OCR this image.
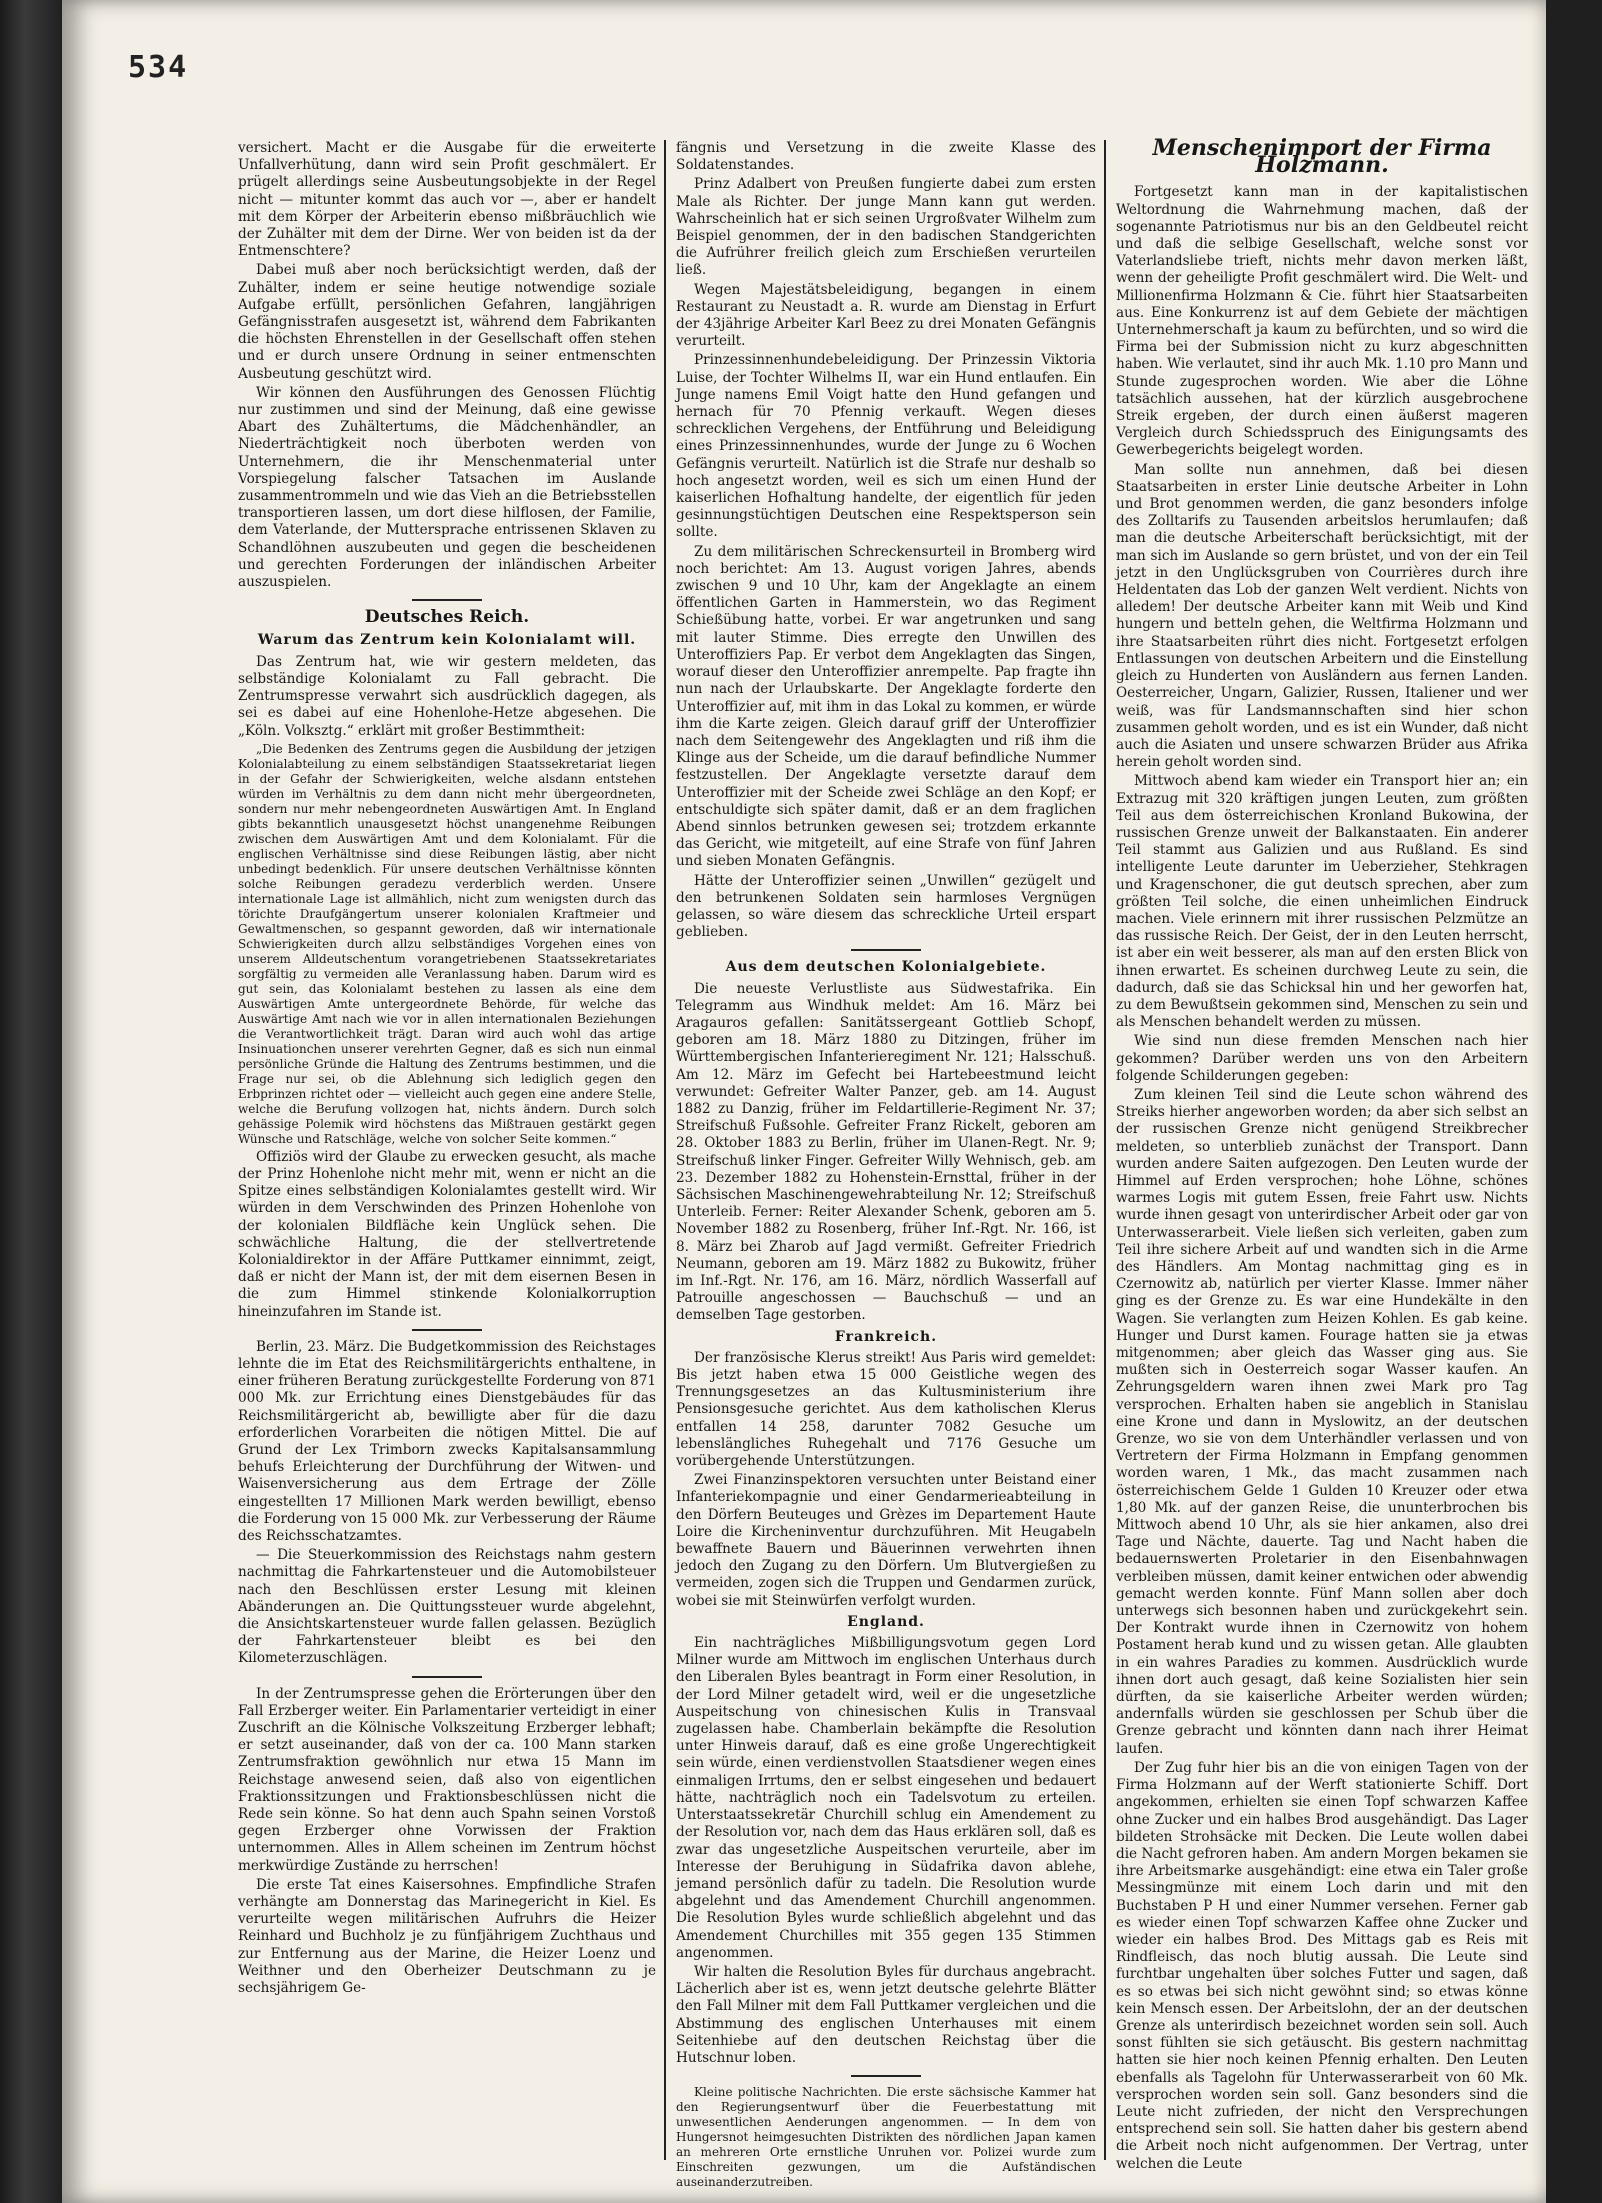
534

versichert. Macht er die Ausgabe für die erweiterte Unfallverhütung, dann wird sein Profit geschmälert. Er prügelt allerdings seine Ausbeutungsobjekte in der Regel nicht — mitunter kommt das auch vor —, aber er handelt mit dem Körper der Arbeiterin ebenso mißbräuchlich wie der Zuhälter mit dem der Dirne. Wer von beiden ist da der Entmenschtere?

Dabei muß aber noch berücksichtigt werden, daß der Zuhälter, indem er seine heutige notwendige soziale Aufgabe erfüllt, persönlichen Gefahren, langjährigen Gefängnisstrafen ausgesetzt ist, während dem Fabrikanten die höchsten Ehrenstellen in der Gesellschaft offen stehen und er durch unsere Ordnung in seiner entmenschten Ausbeutung geschützt wird.

Wir können den Ausführungen des Genossen Flüchtig nur zustimmen und sind der Meinung, daß eine gewisse Abart des Zuhältertums, die Mädchenhändler, an Niederträchtigkeit noch überboten werden von Unternehmern, die ihr Menschenmaterial unter Vorspiegelung falscher Tatsachen im Auslande zusammentrommeln und wie das Vieh an die Betriebsstellen transportieren lassen, um dort diese hilflosen, der Familie, dem Vaterlande, der Muttersprache entrissenen Sklaven zu Schandlöhnen auszubeuten und gegen die bescheidenen und gerechten Forderungen der inländischen Arbeiter auszuspielen.

Deutsches Reich.
Warum das Zentrum kein Kolonialamt will.

Das Zentrum hat, wie wir gestern meldeten, das selbständige Kolonialamt zu Fall gebracht. Die Zentrumspresse verwahrt sich ausdrücklich dagegen, als sei es dabei auf eine Hohenlohe-Hetze abgesehen. Die „Köln. Volksztg.“ erklärt mit großer Bestimmtheit:

„Die Bedenken des Zentrums gegen die Ausbildung der jetzigen Kolonialabteilung zu einem selbständigen Staatssekretariat liegen in der Gefahr der Schwierigkeiten, welche alsdann entstehen würden im Verhältnis zu dem dann nicht mehr übergeordneten, sondern nur mehr nebengeordneten Auswärtigen Amt. In England gibts bekanntlich unausgesetzt höchst unangenehme Reibungen zwischen dem Auswärtigen Amt und dem Kolonialamt. Für die englischen Verhältnisse sind diese Reibungen lästig, aber nicht unbedingt bedenklich. Für unsere deutschen Verhältnisse könnten solche Reibungen geradezu verderblich werden. Unsere internationale Lage ist allmählich, nicht zum wenigsten durch das törichte Draufgängertum unserer kolonialen Kraftmeier und Gewaltmenschen, so gespannt geworden, daß wir internationale Schwierigkeiten durch allzu selbständiges Vorgehen eines von unserem Alldeutschentum vorangetriebenen Staatssekretariates sorgfältig zu vermeiden alle Veranlassung haben. Darum wird es gut sein, das Kolonialamt bestehen zu lassen als eine dem Auswärtigen Amte untergeordnete Behörde, für welche das Auswärtige Amt nach wie vor in allen internationalen Beziehungen die Verantwortlichkeit trägt. Daran wird auch wohl das artige Insinuationchen unserer verehrten Gegner, daß es sich nun einmal persönliche Gründe die Haltung des Zentrums bestimmen, und die Frage nur sei, ob die Ablehnung sich lediglich gegen den Erbprinzen richtet oder — vielleicht auch gegen eine andere Stelle, welche die Berufung vollzogen hat, nichts ändern. Durch solch gehässige Polemik wird höchstens das Mißtrauen gestärkt gegen Wünsche und Ratschläge, welche von solcher Seite kommen.“

Offiziös wird der Glaube zu erwecken gesucht, als mache der Prinz Hohenlohe nicht mehr mit, wenn er nicht an die Spitze eines selbständigen Kolonialamtes gestellt wird. Wir würden in dem Verschwinden des Prinzen Hohenlohe von der kolonialen Bildfläche kein Unglück sehen. Die schwächliche Haltung, die der stellvertretende Kolonialdirektor in der Affäre Puttkamer einnimmt, zeigt, daß er nicht der Mann ist, der mit dem eisernen Besen in die zum Himmel stinkende Kolonialkorruption hineinzufahren im Stande ist.

Berlin, 23. März. Die Budgetkommission des Reichstages lehnte die im Etat des Reichsmilitärgerichts enthaltene, in einer früheren Beratung zurückgestellte Forderung von 871 000 Mk. zur Errichtung eines Dienstgebäudes für das Reichsmilitärgericht ab, bewilligte aber für die dazu erforderlichen Vorarbeiten die nötigen Mittel. Die auf Grund der Lex Trimborn zwecks Kapitalsansammlung behufs Erleichterung der Durchführung der Witwen- und Waisenversicherung aus dem Ertrage der Zölle eingestellten 17 Millionen Mark werden bewilligt, ebenso die Forderung von 15 000 Mk. zur Verbesserung der Räume des Reichsschatzamtes.

— Die Steuerkommission des Reichstags nahm gestern nachmittag die Fahrkartensteuer und die Automobilsteuer nach den Beschlüssen erster Lesung mit kleinen Abänderungen an. Die Quittungssteuer wurde abgelehnt, die Ansichtskartensteuer wurde fallen gelassen. Bezüglich der Fahrkartensteuer bleibt es bei den Kilometerzuschlägen.

In der Zentrumspresse gehen die Erörterungen über den Fall Erzberger weiter. Ein Parlamentarier verteidigt in einer Zuschrift an die Kölnische Volkszeitung Erzberger lebhaft; er setzt auseinander, daß von der ca. 100 Mann starken Zentrumsfraktion gewöhnlich nur etwa 15 Mann im Reichstage anwesend seien, daß also von eigentlichen Fraktionssitzungen und Fraktionsbeschlüssen nicht die Rede sein könne. So hat denn auch Spahn seinen Vorstoß gegen Erzberger ohne Vorwissen der Fraktion unternommen. Alles in Allem scheinen im Zentrum höchst merkwürdige Zustände zu herrschen!

Die erste Tat eines Kaisersohnes. Empfindliche Strafen verhängte am Donnerstag das Marinegericht in Kiel. Es verurteilte wegen militärischen Aufruhrs die Heizer Reinhard und Buchholz je zu fünfjährigem Zuchthaus und zur Entfernung aus der Marine, die Heizer Loenz und Weithner und den Oberheizer Deutschmann zu je sechsjährigem Ge-

fängnis und Versetzung in die zweite Klasse des Soldatenstandes.

Prinz Adalbert von Preußen fungierte dabei zum ersten Male als Richter. Der junge Mann kann gut werden. Wahrscheinlich hat er sich seinen Urgroßvater Wilhelm zum Beispiel genommen, der in den badischen Standgerichten die Aufrührer freilich gleich zum Erschießen verurteilen ließ.

Wegen Majestätsbeleidigung, begangen in einem Restaurant zu Neustadt a. R. wurde am Dienstag in Erfurt der 43jährige Arbeiter Karl Beez zu drei Monaten Gefängnis verurteilt.

Prinzessinnenhundebeleidigung. Der Prinzessin Viktoria Luise, der Tochter Wilhelms II, war ein Hund entlaufen. Ein Junge namens Emil Voigt hatte den Hund gefangen und hernach für 70 Pfennig verkauft. Wegen dieses schrecklichen Vergehens, der Entführung und Beleidigung eines Prinzessinnenhundes, wurde der Junge zu 6 Wochen Gefängnis verurteilt. Natürlich ist die Strafe nur deshalb so hoch angesetzt worden, weil es sich um einen Hund der kaiserlichen Hofhaltung handelte, der eigentlich für jeden gesinnungstüchtigen Deutschen eine Respektsperson sein sollte.

Zu dem militärischen Schreckensurteil in Bromberg wird noch berichtet: Am 13. August vorigen Jahres, abends zwischen 9 und 10 Uhr, kam der Angeklagte an einem öffentlichen Garten in Hammerstein, wo das Regiment Schießübung hatte, vorbei. Er war angetrunken und sang mit lauter Stimme. Dies erregte den Unwillen des Unteroffiziers Pap. Er verbot dem Angeklagten das Singen, worauf dieser den Unteroffizier anrempelte. Pap fragte ihn nun nach der Urlaubskarte. Der Angeklagte forderte den Unteroffizier auf, mit ihm in das Lokal zu kommen, er würde ihm die Karte zeigen. Gleich darauf griff der Unteroffizier nach dem Seitengewehr des Angeklagten und riß ihm die Klinge aus der Scheide, um die darauf befindliche Nummer festzustellen. Der Angeklagte versetzte darauf dem Unteroffizier mit der Scheide zwei Schläge an den Kopf; er entschuldigte sich später damit, daß er an dem fraglichen Abend sinnlos betrunken gewesen sei; trotzdem erkannte das Gericht, wie mitgeteilt, auf eine Strafe von fünf Jahren und sieben Monaten Gefängnis.

Hätte der Unteroffizier seinen „Unwillen“ gezügelt und den betrunkenen Soldaten sein harmloses Vergnügen gelassen, so wäre diesem das schreckliche Urteil erspart geblieben.

Aus dem deutschen Kolonialgebiete.

Die neueste Verlustliste aus Südwestafrika. Ein Telegramm aus Windhuk meldet: Am 16. März bei Aragauros gefallen: Sanitätssergeant Gottlieb Schopf, geboren am 18. März 1880 zu Ditzingen, früher im Württembergischen Infanterieregiment Nr. 121; Halsschuß. Am 12. März im Gefecht bei Hartebeestmund leicht verwundet: Gefreiter Walter Panzer, geb. am 14. August 1882 zu Danzig, früher im Feldartillerie-Regiment Nr. 37; Streifschuß Fußsohle. Gefreiter Franz Rickelt, geboren am 28. Oktober 1883 zu Berlin, früher im Ulanen-Regt. Nr. 9; Streifschuß linker Finger. Gefreiter Willy Wehnisch, geb. am 23. Dezember 1882 zu Hohenstein-Ernsttal, früher in der Sächsischen Maschinengewehrabteilung Nr. 12; Streifschuß Unterleib. Ferner: Reiter Alexander Schenk, geboren am 5. November 1882 zu Rosenberg, früher Inf.-Rgt. Nr. 166, ist 8. März bei Zharob auf Jagd vermißt. Gefreiter Friedrich Neumann, geboren am 19. März 1882 zu Bukowitz, früher im Inf.-Rgt. Nr. 176, am 16. März, nördlich Wasserfall auf Patrouille angeschossen — Bauchschuß — und an demselben Tage gestorben.

Frankreich.

Der französische Klerus streikt! Aus Paris wird gemeldet: Bis jetzt haben etwa 15 000 Geistliche wegen des Trennungsgesetzes an das Kultusministerium ihre Pensionsgesuche gerichtet. Aus dem katholischen Klerus entfallen 14 258, darunter 7082 Gesuche um lebenslängliches Ruhegehalt und 7176 Gesuche um vorübergehende Unterstützungen.

Zwei Finanzinspektoren versuchten unter Beistand einer Infanteriekompagnie und einer Gendarmerieabteilung in den Dörfern Beuteuges und Grèzes im Departement Haute Loire die Kircheninventur durchzuführen. Mit Heugabeln bewaffnete Bauern und Bäuerinnen verwehrten ihnen jedoch den Zugang zu den Dörfern. Um Blutvergießen zu vermeiden, zogen sich die Truppen und Gendarmen zurück, wobei sie mit Steinwürfen verfolgt wurden.

England.

Ein nachträgliches Mißbilligungsvotum gegen Lord Milner wurde am Mittwoch im englischen Unterhaus durch den Liberalen Byles beantragt in Form einer Resolution, in der Lord Milner getadelt wird, weil er die ungesetzliche Auspeitschung von chinesischen Kulis in Transvaal zugelassen habe. Chamberlain bekämpfte die Resolution unter Hinweis darauf, daß es eine große Ungerechtigkeit sein würde, einen verdienstvollen Staatsdiener wegen eines einmaligen Irrtums, den er selbst eingesehen und bedauert hätte, nachträglich noch ein Tadelsvotum zu erteilen. Unterstaatssekretär Churchill schlug ein Amendement zu der Resolution vor, nach dem das Haus erklären soll, daß es zwar das ungesetzliche Auspeitschen verurteile, aber im Interesse der Beruhigung in Südafrika davon ablehe, jemand persönlich dafür zu tadeln. Die Resolution wurde abgelehnt und das Amendement Churchill angenommen. Die Resolution Byles wurde schließlich abgelehnt und das Amendement Churchilles mit 355 gegen 135 Stimmen angenommen.

Wir halten die Resolution Byles für durchaus angebracht. Lächerlich aber ist es, wenn jetzt deutsche gelehrte Blätter den Fall Milner mit dem Fall Puttkamer vergleichen und die Abstimmung des englischen Unterhauses mit einem Seitenhiebe auf den deutschen Reichstag über die Hutschnur loben.

Kleine politische Nachrichten. Die erste sächsische Kammer hat den Regierungsentwurf über die Feuerbestattung mit unwesentlichen Aenderungen angenommen. — In dem von Hungersnot heimgesuchten Distrikten des nördlichen Japan kamen an mehreren Orte ernstliche Unruhen vor. Polizei wurde zum Einschreiten gezwungen, um die Aufständischen auseinanderzutreiben.

Menschenimport der Firma Holzmann.

Fortgesetzt kann man in der kapitalistischen Weltordnung die Wahrnehmung machen, daß der sogenannte Patriotismus nur bis an den Geldbeutel reicht und daß die selbige Gesellschaft, welche sonst vor Vaterlandsliebe trieft, nichts mehr davon merken läßt, wenn der geheiligte Profit geschmälert wird. Die Welt- und Millionenfirma Holzmann & Cie. führt hier Staatsarbeiten aus. Eine Konkurrenz ist auf dem Gebiete der mächtigen Unternehmerschaft ja kaum zu befürchten, und so wird die Firma bei der Submission nicht zu kurz abgeschnitten haben. Wie verlautet, sind ihr auch Mk. 1.10 pro Mann und Stunde zugesprochen worden. Wie aber die Löhne tatsächlich aussehen, hat der kürzlich ausgebrochene Streik ergeben, der durch einen äußerst mageren Vergleich durch Schiedsspruch des Einigungsamts des Gewerbegerichts beigelegt worden.

Man sollte nun annehmen, daß bei diesen Staatsarbeiten in erster Linie deutsche Arbeiter in Lohn und Brot genommen werden, die ganz besonders infolge des Zolltarifs zu Tausenden arbeitslos herumlaufen; daß man die deutsche Arbeiterschaft berücksichtigt, mit der man sich im Auslande so gern brüstet, und von der ein Teil jetzt in den Unglücksgruben von Courrières durch ihre Heldentaten das Lob der ganzen Welt verdient. Nichts von alledem! Der deutsche Arbeiter kann mit Weib und Kind hungern und betteln gehen, die Weltfirma Holzmann und ihre Staatsarbeiten rührt dies nicht. Fortgesetzt erfolgen Entlassungen von deutschen Arbeitern und die Einstellung gleich zu Hunderten von Ausländern aus fernen Landen. Oesterreicher, Ungarn, Galizier, Russen, Italiener und wer weiß, was für Landsmannschaften sind hier schon zusammen geholt worden, und es ist ein Wunder, daß nicht auch die Asiaten und unsere schwarzen Brüder aus Afrika herein geholt worden sind.

Mittwoch abend kam wieder ein Transport hier an; ein Extrazug mit 320 kräftigen jungen Leuten, zum größten Teil aus dem österreichischen Kronland Bukowina, der russischen Grenze unweit der Balkanstaaten. Ein anderer Teil stammt aus Galizien und aus Rußland. Es sind intelligente Leute darunter im Ueberzieher, Stehkragen und Kragenschoner, die gut deutsch sprechen, aber zum größten Teil solche, die einen unheimlichen Eindruck machen. Viele erinnern mit ihrer russischen Pelzmütze an das russische Reich. Der Geist, der in den Leuten herrscht, ist aber ein weit besserer, als man auf den ersten Blick von ihnen erwartet. Es scheinen durchweg Leute zu sein, die dadurch, daß sie das Schicksal hin und her geworfen hat, zu dem Bewußtsein gekommen sind, Menschen zu sein und als Menschen behandelt werden zu müssen.

Wie sind nun diese fremden Menschen nach hier gekommen? Darüber werden uns von den Arbeitern folgende Schilderungen gegeben:

Zum kleinen Teil sind die Leute schon während des Streiks hierher angeworben worden; da aber sich selbst an der russischen Grenze nicht genügend Streikbrecher meldeten, so unterblieb zunächst der Transport. Dann wurden andere Saiten aufgezogen. Den Leuten wurde der Himmel auf Erden versprochen; hohe Löhne, schönes warmes Logis mit gutem Essen, freie Fahrt usw. Nichts wurde ihnen gesagt von unterirdischer Arbeit oder gar von Unterwasserarbeit. Viele ließen sich verleiten, gaben zum Teil ihre sichere Arbeit auf und wandten sich in die Arme des Händlers. Am Montag nachmittag ging es in Czernowitz ab, natürlich per vierter Klasse. Immer näher ging es der Grenze zu. Es war eine Hundekälte in den Wagen. Sie verlangten zum Heizen Kohlen. Es gab keine. Hunger und Durst kamen. Fourage hatten sie ja etwas mitgenommen; aber gleich das Wasser ging aus. Sie mußten sich in Oesterreich sogar Wasser kaufen. An Zehrungsgeldern waren ihnen zwei Mark pro Tag versprochen. Erhalten haben sie angeblich in Stanislau eine Krone und dann in Myslowitz, an der deutschen Grenze, wo sie von dem Unterhändler verlassen und von Vertretern der Firma Holzmann in Empfang genommen worden waren, 1 Mk., das macht zusammen nach österreichischem Gelde 1 Gulden 10 Kreuzer oder etwa 1,80 Mk. auf der ganzen Reise, die ununterbrochen bis Mittwoch abend 10 Uhr, als sie hier ankamen, also drei Tage und Nächte, dauerte. Tag und Nacht haben die bedauernswerten Proletarier in den Eisenbahnwagen verbleiben müssen, damit keiner entwichen oder abwendig gemacht werden konnte. Fünf Mann sollen aber doch unterwegs sich besonnen haben und zurückgekehrt sein. Der Kontrakt wurde ihnen in Czernowitz von hohem Postament herab kund und zu wissen getan. Alle glaubten in ein wahres Paradies zu kommen. Ausdrücklich wurde ihnen dort auch gesagt, daß keine Sozialisten hier sein dürften, da sie kaiserliche Arbeiter werden würden; andernfalls würden sie geschlossen per Schub über die Grenze gebracht und könnten dann nach ihrer Heimat laufen.

Der Zug fuhr hier bis an die von einigen Tagen von der Firma Holzmann auf der Werft stationierte Schiff. Dort angekommen, erhielten sie einen Topf schwarzen Kaffee ohne Zucker und ein halbes Brod ausgehändigt. Das Lager bildeten Strohsäcke mit Decken. Die Leute wollen dabei die Nacht gefroren haben. Am andern Morgen bekamen sie ihre Arbeitsmarke ausgehändigt: eine etwa ein Taler große Messingmünze mit einem Loch darin und mit den Buchstaben P H und einer Nummer versehen. Ferner gab es wieder einen Topf schwarzen Kaffee ohne Zucker und wieder ein halbes Brod. Des Mittags gab es Reis mit Rindfleisch, das noch blutig aussah. Die Leute sind furchtbar ungehalten über solches Futter und sagen, daß es so etwas bei sich nicht gewöhnt sind; so etwas könne kein Mensch essen. Der Arbeitslohn, der an der deutschen Grenze als unterirdisch bezeichnet worden sein soll. Auch sonst fühlten sie sich getäuscht. Bis gestern nachmittag hatten sie hier noch keinen Pfennig erhalten. Den Leuten ebenfalls als Tagelohn für Unterwasserarbeit von 60 Mk. versprochen worden sein soll. Ganz besonders sind die Leute nicht zufrieden, der nicht den Versprechungen entsprechend sein soll. Sie hatten daher bis gestern abend die Arbeit noch nicht aufgenommen. Der Vertrag, unter welchen die Leute
